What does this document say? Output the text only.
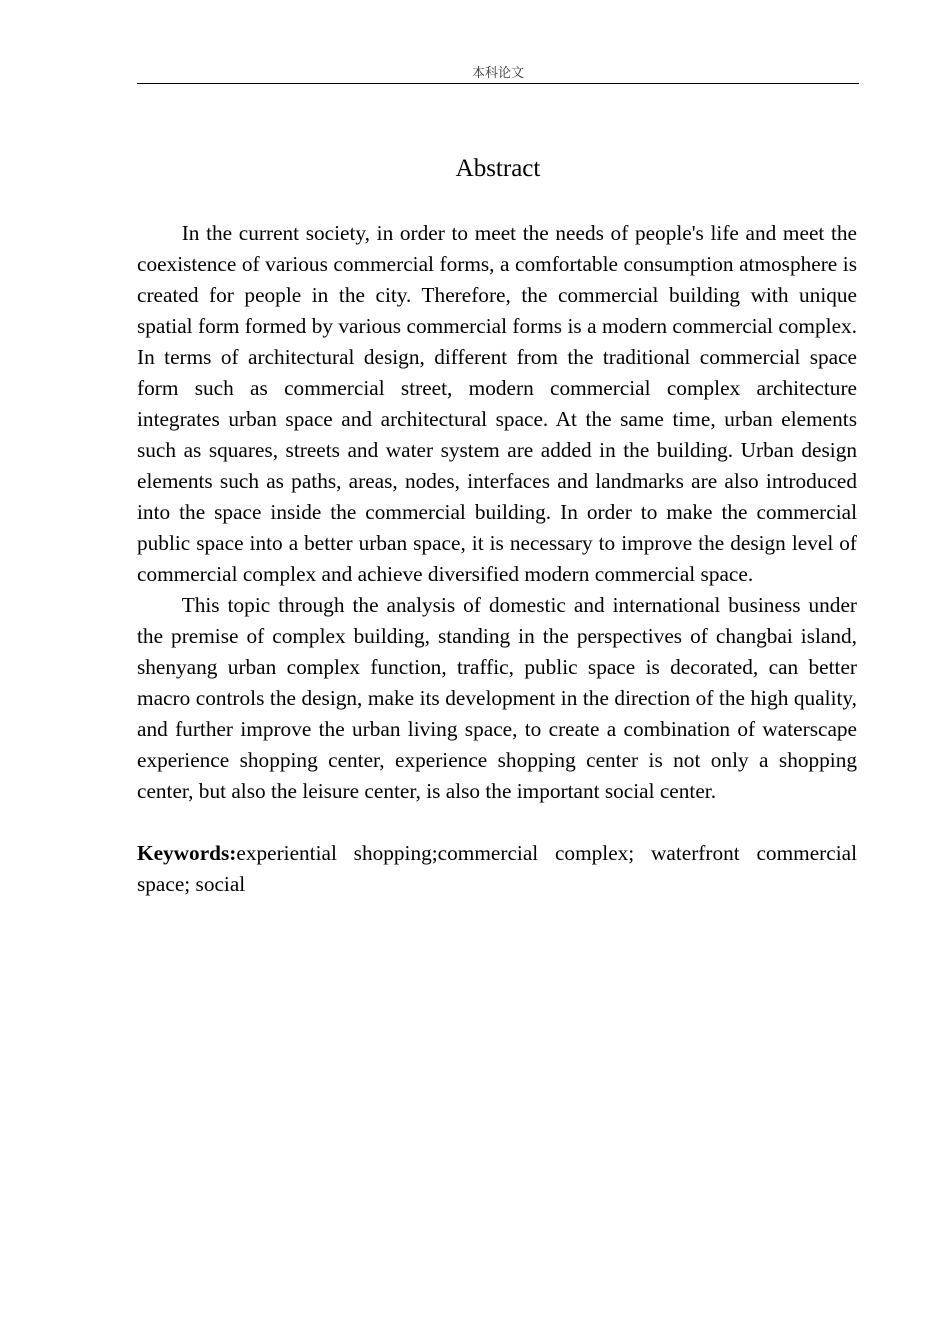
本科论文
Abstract

In the current society, in order to meet the needs of people's life and meet the coexistence of various commercial forms, a comfortable consumption atmosphere is created for people in the city. Therefore, the commercial building with unique spatial form formed by various commercial forms is a modern commercial complex. In terms of architectural design, different from the traditional commercial space form such as commercial street, modern commercial complex architecture integrates urban space and architectural space. At the same time, urban elements such as squares, streets and water system are added in the building. Urban design elements such as paths, areas, nodes, interfaces and landmarks are also introduced into the space inside the commercial building. In order to make the commercial public space into a better urban space, it is necessary to improve the design level of commercial complex and achieve diversified modern commercial space.

This topic through the analysis of domestic and international business under the premise of complex building, standing in the perspectives of changbai island, shenyang urban complex function, traffic, public space is decorated, can better macro controls the design, make its development in the direction of the high quality, and further improve the urban living space, to create a combination of waterscape experience shopping center, experience shopping center is not only a shopping center, but also the leisure center, is also the important social center.

Keywords:experiential shopping;commercial complex; waterfront commercial space; social
